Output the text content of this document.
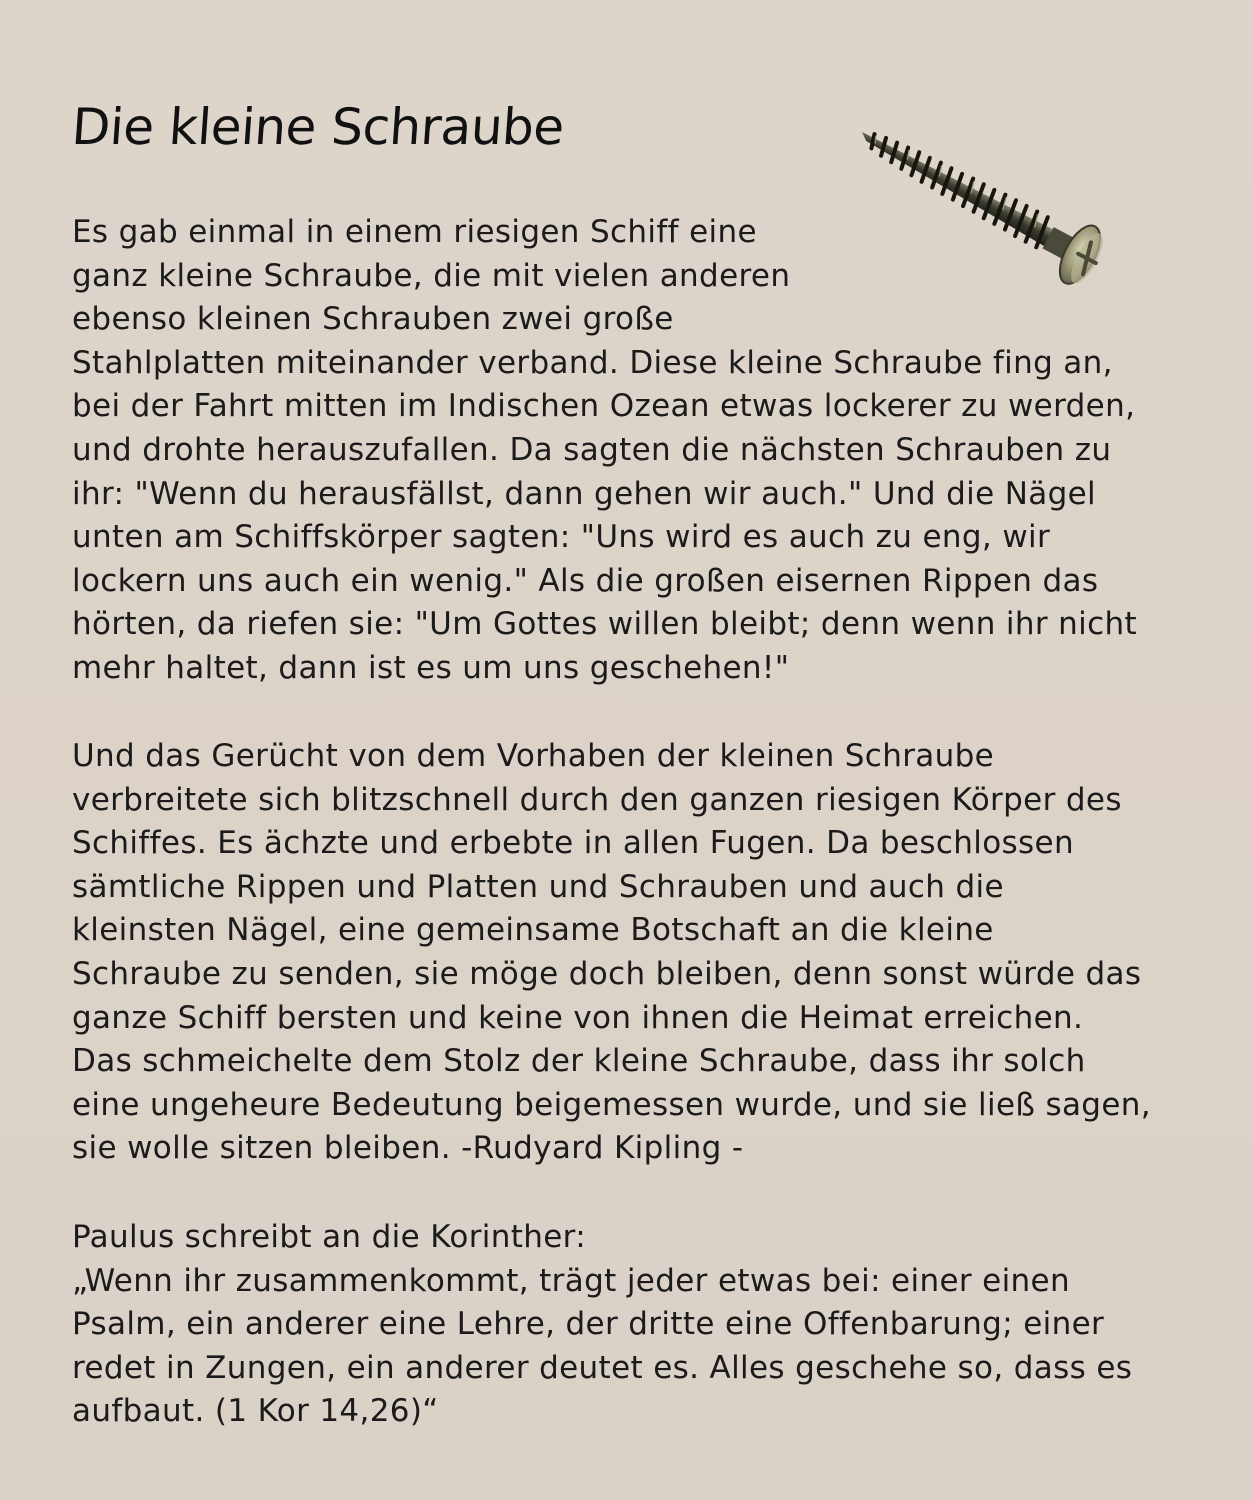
Die kleine Schraube
Es gab einmal in einem riesigen Schiff eine
ganz kleine Schraube, die mit vielen anderen
ebenso kleinen Schrauben zwei große
Stahlplatten miteinander verband. Diese kleine Schraube fing an,
bei der Fahrt mitten im Indischen Ozean etwas lockerer zu werden,
und drohte herauszufallen. Da sagten die nächsten Schrauben zu
ihr: "Wenn du herausfällst, dann gehen wir auch." Und die Nägel
unten am Schiffskörper sagten: "Uns wird es auch zu eng, wir
lockern uns auch ein wenig." Als die großen eisernen Rippen das
hörten, da riefen sie: "Um Gottes willen bleibt; denn wenn ihr nicht
mehr haltet, dann ist es um uns geschehen!"
Und das Gerücht von dem Vorhaben der kleinen Schraube
verbreitete sich blitzschnell durch den ganzen riesigen Körper des
Schiffes. Es ächzte und erbebte in allen Fugen. Da beschlossen
sämtliche Rippen und Platten und Schrauben und auch die
kleinsten Nägel, eine gemeinsame Botschaft an die kleine
Schraube zu senden, sie möge doch bleiben, denn sonst würde das
ganze Schiff bersten und keine von ihnen die Heimat erreichen.
Das schmeichelte dem Stolz der kleine Schraube, dass ihr solch
eine ungeheure Bedeutung beigemessen wurde, und sie ließ sagen,
sie wolle sitzen bleiben. -Rudyard Kipling -
Paulus schreibt an die Korinther:
„Wenn ihr zusammenkommt, trägt jeder etwas bei: einer einen
Psalm, ein anderer eine Lehre, der dritte eine Offenbarung; einer
redet in Zungen, ein anderer deutet es. Alles geschehe so, dass es
aufbaut. (1 Kor 14,26)“
